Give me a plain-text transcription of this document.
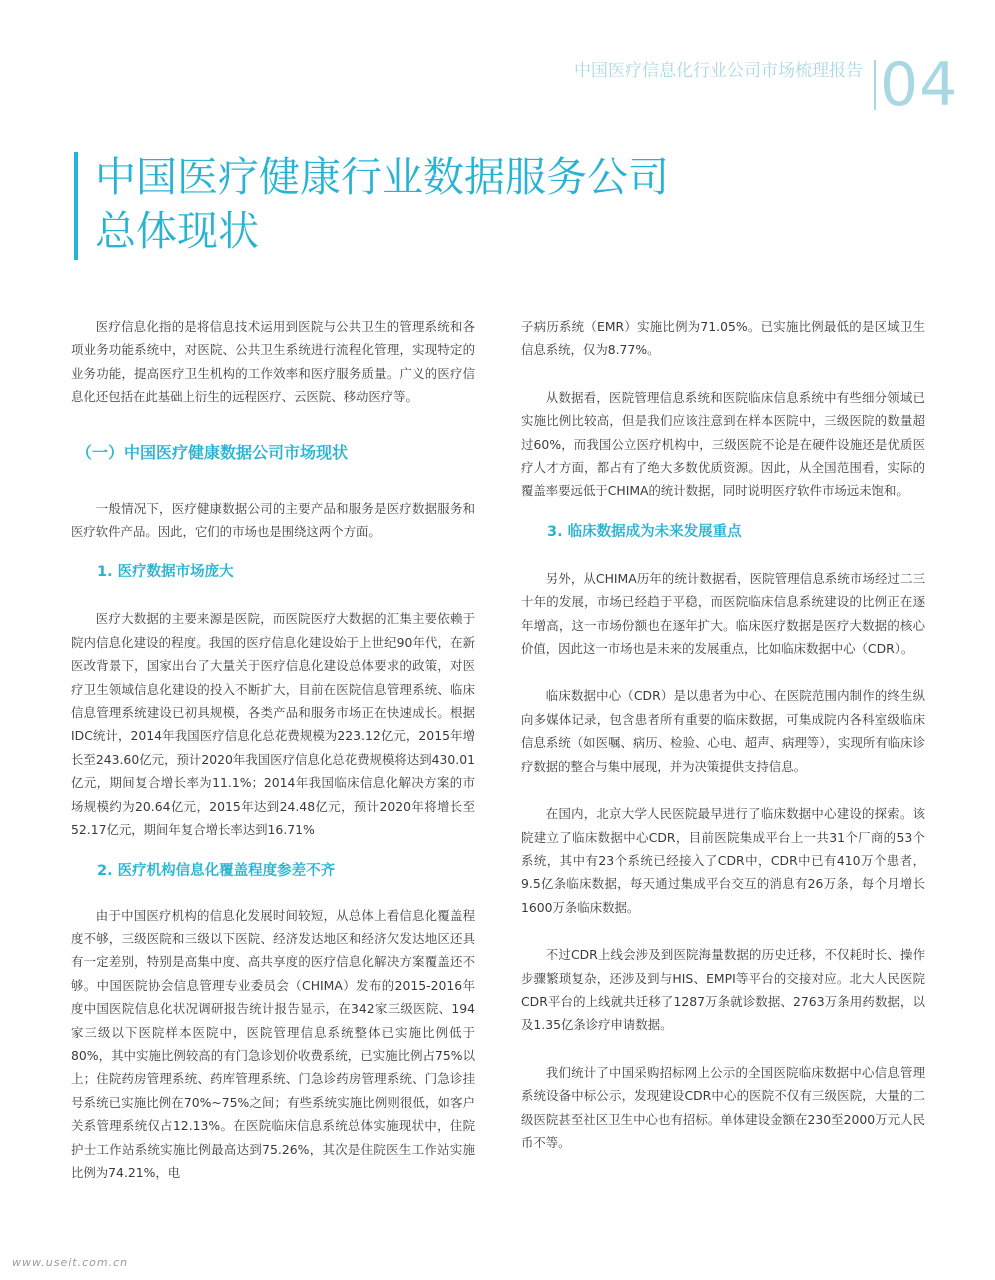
中国医疗信息化行业公司市场梳理报告 04
中国医疗健康行业数据服务公司总体现状

医疗信息化指的是将信息技术运用到医院与公共卫生的管理系统和各项业务功能系统中，对医院、公共卫生系统进行流程化管理，实现特定的业务功能，提高医疗卫生机构的工作效率和医疗服务质量。广义的医疗信息化还包括在此基础上衍生的远程医疗、云医院、移动医疗等。

（一）中国医疗健康数据公司市场现状

一般情况下，医疗健康数据公司的主要产品和服务是医疗数据服务和医疗软件产品。因此，它们的市场也是围绕这两个方面。

1. 医疗数据市场庞大

医疗大数据的主要来源是医院，而医院医疗大数据的汇集主要依赖于院内信息化建设的程度。我国的医疗信息化建设始于上世纪90年代，在新医改背景下，国家出台了大量关于医疗信息化建设总体要求的政策，对医疗卫生领域信息化建设的投入不断扩大，目前在医院信息管理系统、临床信息管理系统建设已初具规模，各类产品和服务市场正在快速成长。根据IDC统计，2014年我国医疗信息化总花费规模为223.12亿元，2015年增长至243.60亿元，预计2020年我国医疗信息化总花费规模将达到430.01亿元，期间复合增长率为11.1%；2014年我国临床信息化解决方案的市场规模约为20.64亿元，2015年达到24.48亿元，预计2020年将增长至52.17亿元，期间年复合增长率达到16.71%

2. 医疗机构信息化覆盖程度参差不齐

由于中国医疗机构的信息化发展时间较短，从总体上看信息化覆盖程度不够，三级医院和三级以下医院、经济发达地区和经济欠发达地区还具有一定差别，特别是高集中度、高共享度的医疗信息化解决方案覆盖还不够。中国医院协会信息管理专业委员会（CHIMA）发布的2015-2016年度中国医院信息化状况调研报告统计报告显示，在342家三级医院、194家三级以下医院样本医院中，医院管理信息系统整体已实施比例低于80%，其中实施比例较高的有门急诊划价收费系统，已实施比例占75%以上；住院药房管理系统、药库管理系统、门急诊药房管理系统、门急诊挂号系统已实施比例在70%~75%之间；有些系统实施比例则很低，如客户关系管理系统仅占12.13%。在医院临床信息系统总体实施现状中，住院护士工作站系统实施比例最高达到75.26%，其次是住院医生工作站实施比例为74.21%，电

子病历系统（EMR）实施比例为71.05%。已实施比例最低的是区域卫生信息系统，仅为8.77%。

从数据看，医院管理信息系统和医院临床信息系统中有些细分领域已实施比例比较高，但是我们应该注意到在样本医院中，三级医院的数量超过60%，而我国公立医疗机构中，三级医院不论是在硬件设施还是优质医疗人才方面，都占有了绝大多数优质资源。因此，从全国范围看，实际的覆盖率要远低于CHIMA的统计数据，同时说明医疗软件市场远未饱和。

3. 临床数据成为未来发展重点

另外，从CHIMA历年的统计数据看，医院管理信息系统市场经过二三十年的发展，市场已经趋于平稳，而医院临床信息系统建设的比例正在逐年增高，这一市场份额也在逐年扩大。临床医疗数据是医疗大数据的核心价值，因此这一市场也是未来的发展重点，比如临床数据中心（CDR）。

临床数据中心（CDR）是以患者为中心、在医院范围内制作的终生纵向多媒体记录，包含患者所有重要的临床数据，可集成院内各科室级临床信息系统（如医嘱、病历、检验、心电、超声、病理等），实现所有临床诊疗数据的整合与集中展现，并为决策提供支持信息。

在国内，北京大学人民医院最早进行了临床数据中心建设的探索。该院建立了临床数据中心CDR，目前医院集成平台上一共31个厂商的53个系统，其中有23个系统已经接入了CDR中，CDR中已有410万个患者，9.5亿条临床数据，每天通过集成平台交互的消息有26万条，每个月增长1600万条临床数据。

不过CDR上线会涉及到医院海量数据的历史迁移，不仅耗时长、操作步骤繁琐复杂，还涉及到与HIS、EMPI等平台的交接对应。北大人民医院CDR平台的上线就共迁移了1287万条就诊数据、2763万条用药数据，以及1.35亿条诊疗申请数据。

我们统计了中国采购招标网上公示的全国医院临床数据中心信息管理系统设备中标公示，发现建设CDR中心的医院不仅有三级医院，大量的二级医院甚至社区卫生中心也有招标。单体建设金额在230至2000万元人民币不等。

www.useit.com.cn
